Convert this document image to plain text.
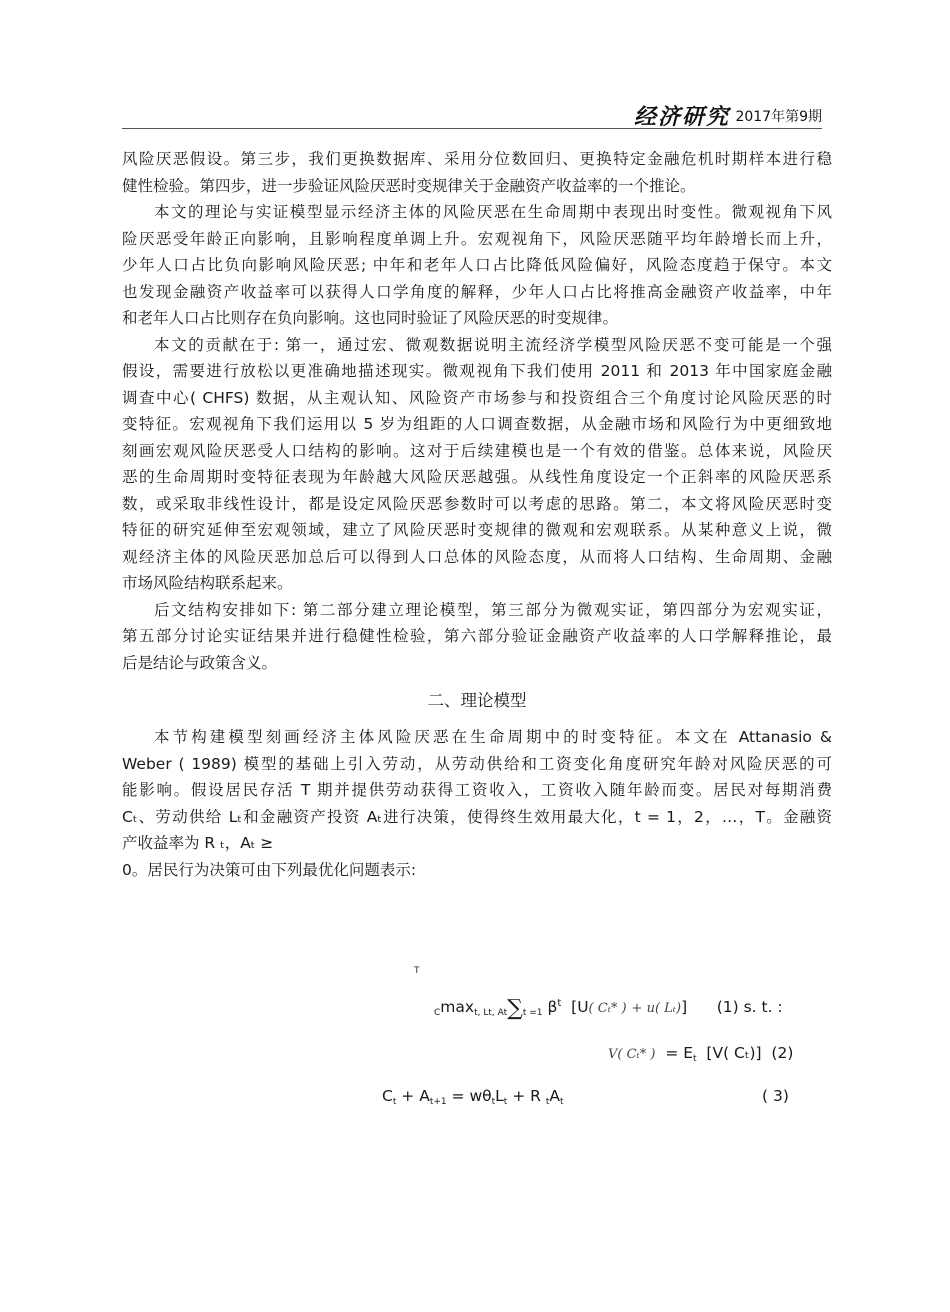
经济研究 2017年第9期
风险厌恶假设。第三步，我们更换数据库、采用分位数回归、更换特定金融危机时期样本进行稳
健性检验。第四步，进一步验证风险厌恶时变规律关于金融资产收益率的一个推论。
本文的理论与实证模型显示经济主体的风险厌恶在生命周期中表现出时变性。微观视角下风
险厌恶受年龄正向影响，且影响程度单调上升。宏观视角下，风险厌恶随平均年龄增长而上升，
少年人口占比负向影响风险厌恶; 中年和老年人口占比降低风险偏好，风险态度趋于保守。本文
也发现金融资产收益率可以获得人口学角度的解释，少年人口占比将推高金融资产收益率，中年
和老年人口占比则存在负向影响。这也同时验证了风险厌恶的时变规律。
本文的贡献在于: 第一，通过宏、微观数据说明主流经济学模型风险厌恶不变可能是一个强
假设，需要进行放松以更准确地描述现实。微观视角下我们使用 2011 和 2013 年中国家庭金融
调查中心( CHFS) 数据，从主观认知、风险资产市场参与和投资组合三个角度讨论风险厌恶的时
变特征。宏观视角下我们运用以 5 岁为组距的人口调查数据，从金融市场和风险行为中更细致地
刻画宏观风险厌恶受人口结构的影响。这对于后续建模也是一个有效的借鉴。总体来说，风险厌
恶的生命周期时变特征表现为年龄越大风险厌恶越强。从线性角度设定一个正斜率的风险厌恶系
数，或采取非线性设计，都是设定风险厌恶参数时可以考虑的思路。第二，本文将风险厌恶时变
特征的研究延伸至宏观领域，建立了风险厌恶时变规律的微观和宏观联系。从某种意义上说，微
观经济主体的风险厌恶加总后可以得到人口总体的风险态度，从而将人口结构、生命周期、金融
市场风险结构联系起来。
后文结构安排如下: 第二部分建立理论模型，第三部分为微观实证，第四部分为宏观实证，
第五部分讨论实证结果并进行稳健性检验，第六部分验证金融资产收益率的人口学解释推论，最
后是结论与政策含义。
二、理论模型
本节构建模型刻画经济主体风险厌恶在生命周期中的时变特征。本文在 Attanasio &
Weber ( 1989) 模型的基础上引入劳动，从劳动供给和工资变化角度研究年龄对风险厌恶的可
能影响。假设居民存活 T 期并提供劳动获得工资收入，工资收入随年龄而变。居民对每期消费
Cₜ、劳动供给 Lₜ和金融资产投资 Aₜ进行决策，使得终生效用最大化，t = 1，2，…，T。金融资
产收益率为 R ₜ，Aₜ ≥
0。居民行为决策可由下列最优化问题表示:
T
$_C\max_{t, Lt, At}\sum_{t =1}$ $\beta^t$ [U( Cₜ* ) + u( Lₜ)] (1) s. t. :
V( Cₜ* ) = $E_t$ [V( Cₜ)] (2)
$C_t + A_{t+1} = w\theta_tL_t + R$ $_tA_t$	( 3)
